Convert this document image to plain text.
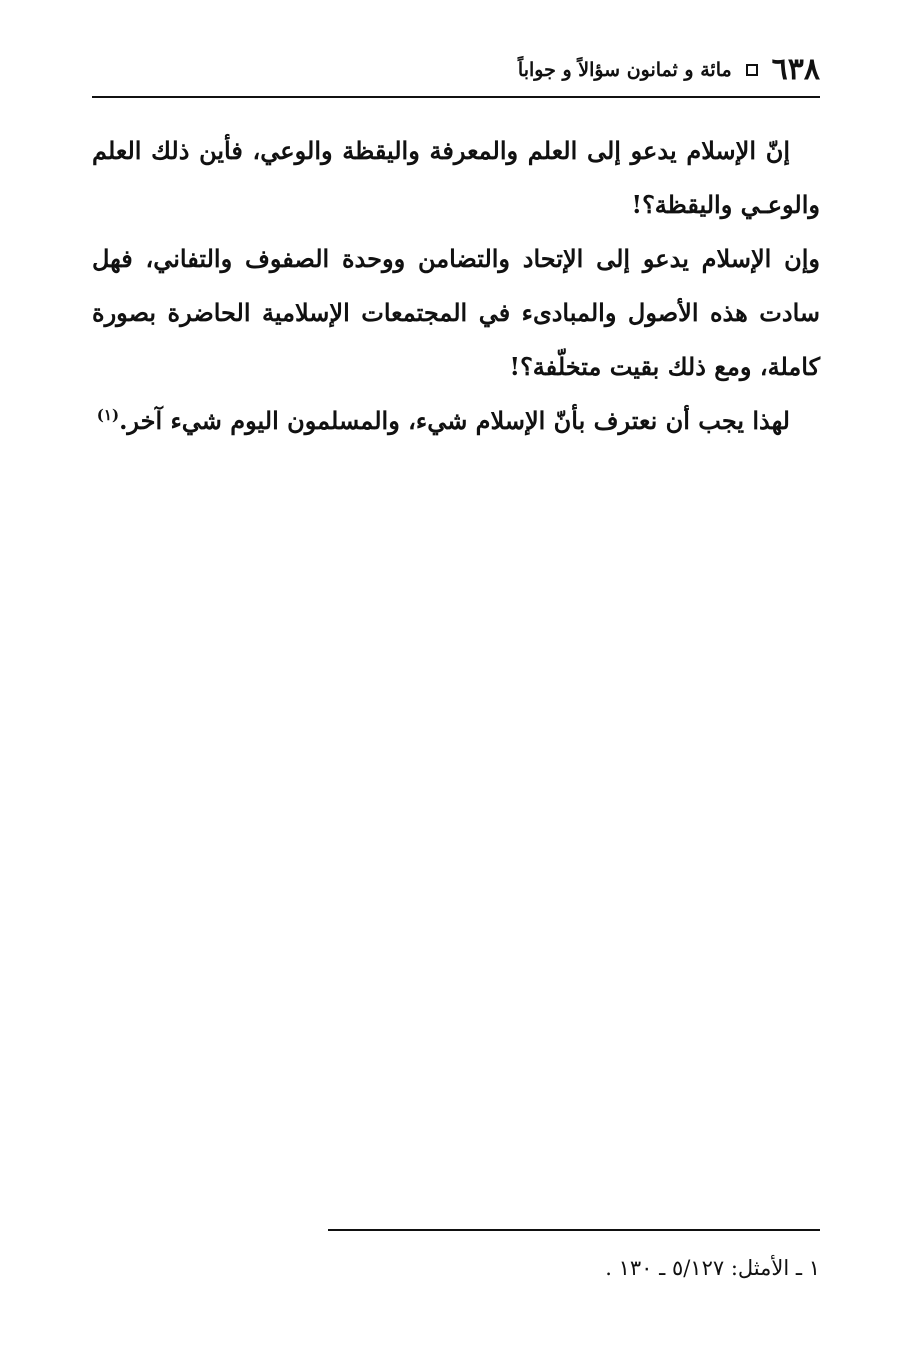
٦٣٨
مائة و ثمانون سؤالاً و جواباً

إنّ الإسلام يدعو إلى العلم والمعرفة واليقظة والوعي، فأين ذلك العلم والوعـي واليقظة؟!

وإن الإسلام يدعو إلى الإتحاد والتضامن ووحدة الصفوف والتفاني، فهل سادت هذه الأصول والمبادىء في المجتمعات الإسلامية الحاضرة بصورة كاملة، ومع ذلك بقيت متخلّفة؟!

لهذا يجب أن نعترف بأنّ الإسلام شيء، والمسلمون اليوم شيء آخر.$^{(١)}$

١ ـ الأمثل: ٥/١٢٧ ـ ١٣٠ .
